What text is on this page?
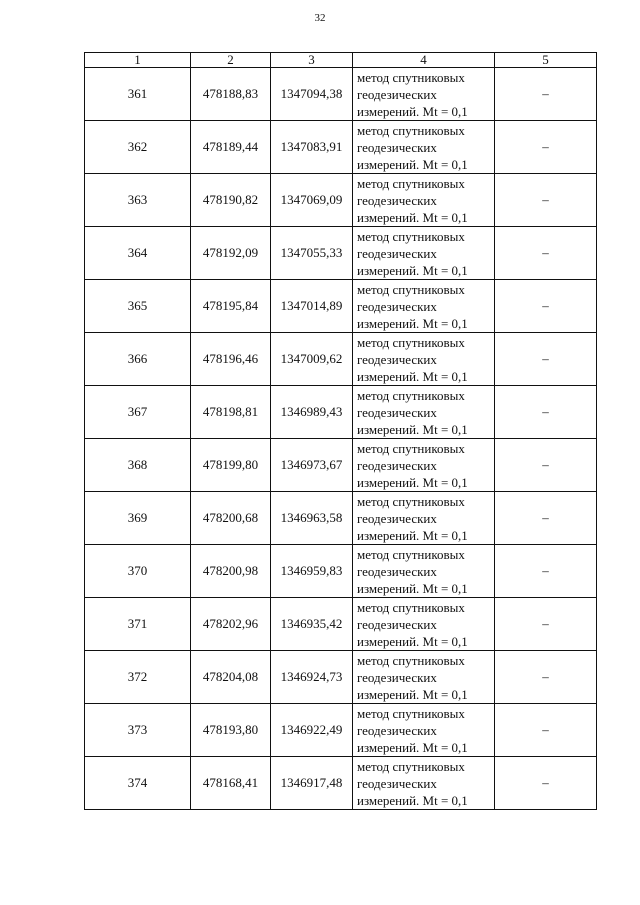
32
1	2	3	4	5
361	478188,83	1347094,38	метод спутниковых
геодезических
измерений. Mt = 0,1	–
362	478189,44	1347083,91	метод спутниковых
геодезических
измерений. Mt = 0,1	–
363	478190,82	1347069,09	метод спутниковых
геодезических
измерений. Mt = 0,1	–
364	478192,09	1347055,33	метод спутниковых
геодезических
измерений. Mt = 0,1	–
365	478195,84	1347014,89	метод спутниковых
геодезических
измерений. Mt = 0,1	–
366	478196,46	1347009,62	метод спутниковых
геодезических
измерений. Mt = 0,1	–
367	478198,81	1346989,43	метод спутниковых
геодезических
измерений. Mt = 0,1	–
368	478199,80	1346973,67	метод спутниковых
геодезических
измерений. Mt = 0,1	–
369	478200,68	1346963,58	метод спутниковых
геодезических
измерений. Mt = 0,1	–
370	478200,98	1346959,83	метод спутниковых
геодезических
измерений. Mt = 0,1	–
371	478202,96	1346935,42	метод спутниковых
геодезических
измерений. Mt = 0,1	–
372	478204,08	1346924,73	метод спутниковых
геодезических
измерений. Mt = 0,1	–
373	478193,80	1346922,49	метод спутниковых
геодезических
измерений. Mt = 0,1	–
374	478168,41	1346917,48	метод спутниковых
геодезических
измерений. Mt = 0,1	–
